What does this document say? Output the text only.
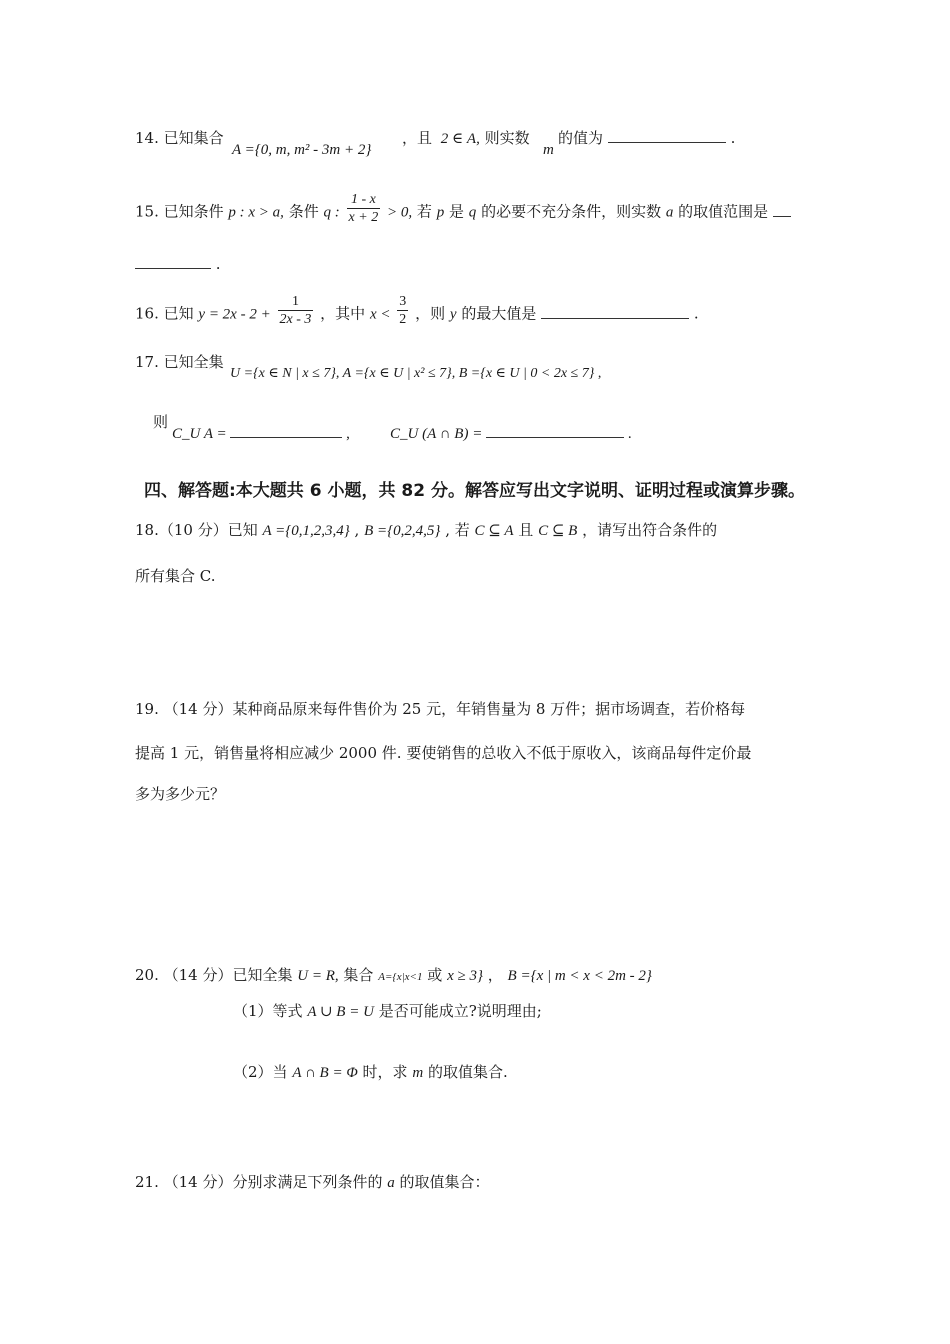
14. 已知集合
A ={0, m, m² - 3m + 2}
，且 2 ∈ A, 则实数
m
的值为	.
15. 已知条件 p : x > a, 条件 q : $\frac{1 - x}{x + 2} > 0$, 若 p 是 q 的必要不充分条件，则实数 a 的取值范围是
.
16. 已知 $y = 2x - 2 + \frac{1}{2x - 3}$ ，其中 $x < \frac{3}{2}$ ，则 y 的最大值是	.
17. 已知全集
U ={x ∈ N | x ≤ 7}, A ={x ∈ U | x² ≤ 7}, B ={x ∈ U | 0 < 2x ≤ 7} ,
则
C_U A =	,	C_U (A ∩ B) =	.
四、解答题:本大题共 6 小题，共 82 分。解答应写出文字说明、证明过程或演算步骤。
18.（10 分）已知 A ={0,1,2,3,4} , B ={0,2,4,5} , 若 C ⊆ A 且 C ⊆ B ，请写出符合条件的
所有集合 C.
19. （14 分）某种商品原来每件售价为 25 元，年销售量为 8 万件；据市场调查，若价格每
提高 1 元，销售量将相应减少 2000 件. 要使销售的总收入不低于原收入，该商品每件定价最
多为多少元？
20. （14 分）已知全集 U = R, 集合 A={x|x<1 或 x ≥ 3} ， B ={x | m < x < 2m - 2}
（1）等式 A ∪ B = U 是否可能成立?说明理由;
（2）当 A ∩ B = Φ 时，求 m 的取值集合.
21. （14 分）分别求满足下列条件的 a 的取值集合：
